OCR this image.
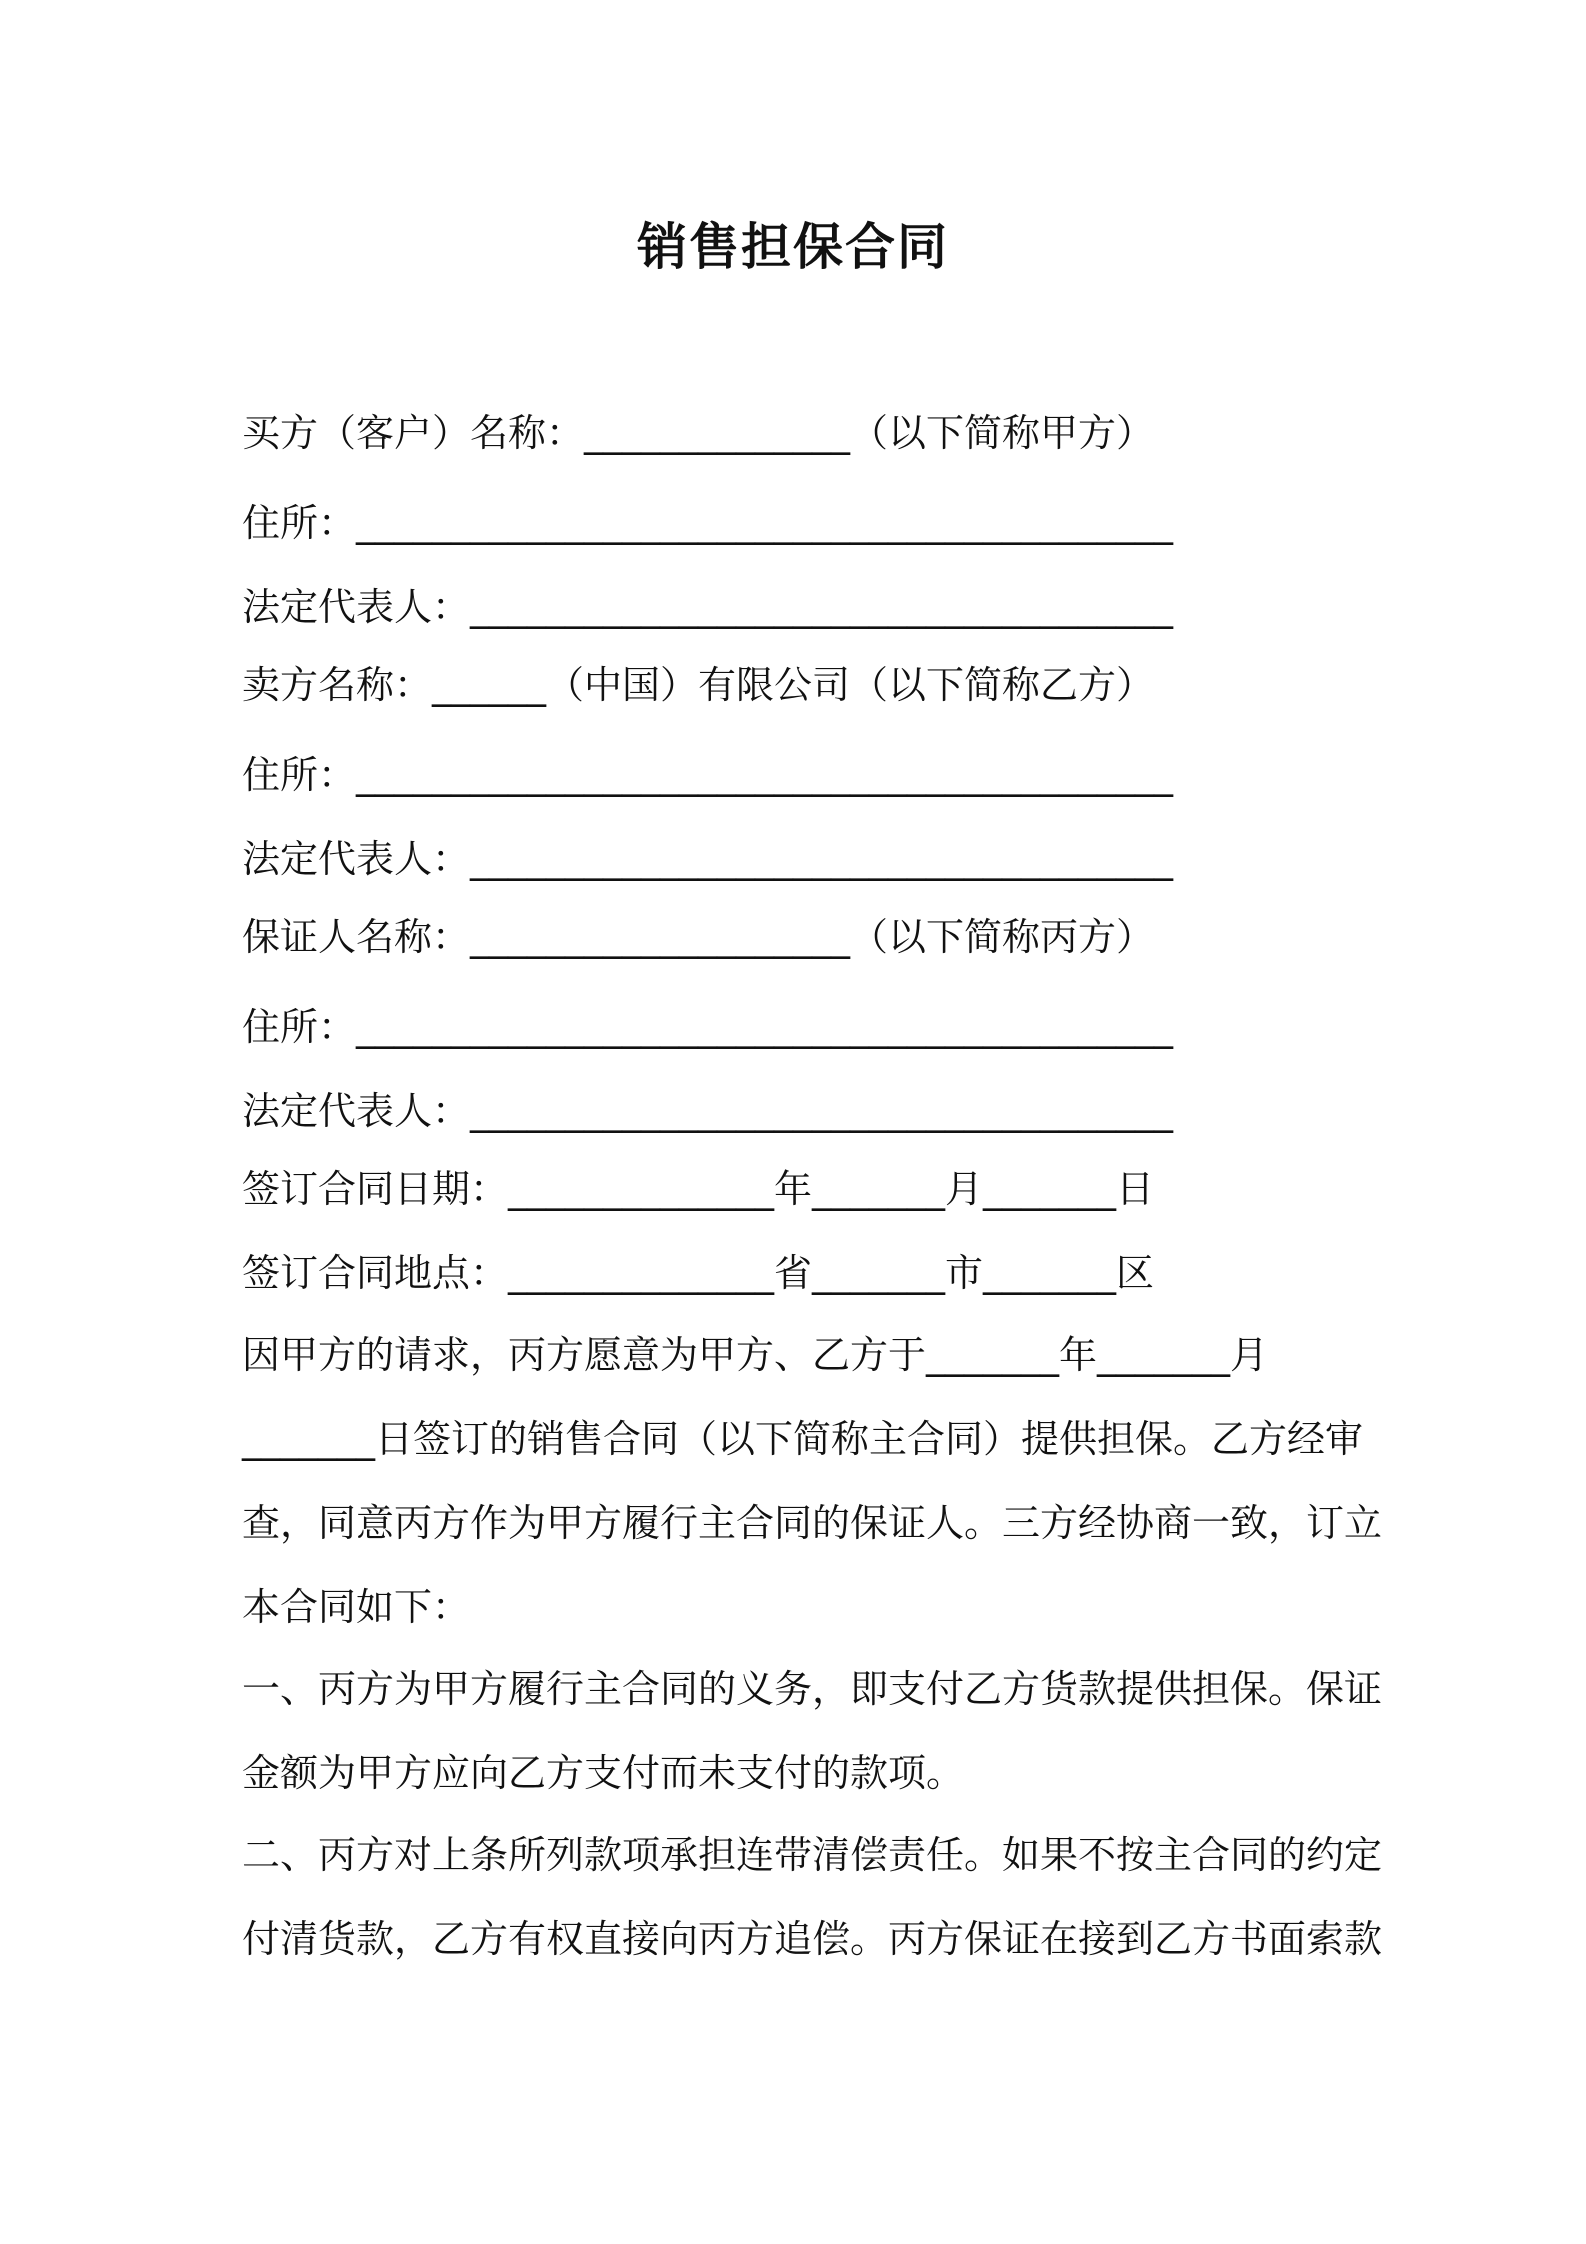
销售担保合同

买方（客户）名称：______________（以下简称甲方）

住所：___________________________________________

法定代表人：_____________________________________

卖方名称：______（中国）有限公司（以下简称乙方）

住所：___________________________________________

法定代表人：_____________________________________

保证人名称：____________________（以下简称丙方）

住所：___________________________________________

法定代表人：_____________________________________

签订合同日期：______________年_______月_______日

签订合同地点：______________省_______市_______区

因甲方的请求，丙方愿意为甲方、乙方于_______年_______月

_______日签订的销售合同（以下简称主合同）提供担保。乙方经审

查，同意丙方作为甲方履行主合同的保证人。三方经协商一致，订立

本合同如下：

一、丙方为甲方履行主合同的义务，即支付乙方货款提供担保。保证

金额为甲方应向乙方支付而未支付的款项。

二、丙方对上条所列款项承担连带清偿责任。如果不按主合同的约定

付清货款，乙方有权直接向丙方追偿。丙方保证在接到乙方书面索款
